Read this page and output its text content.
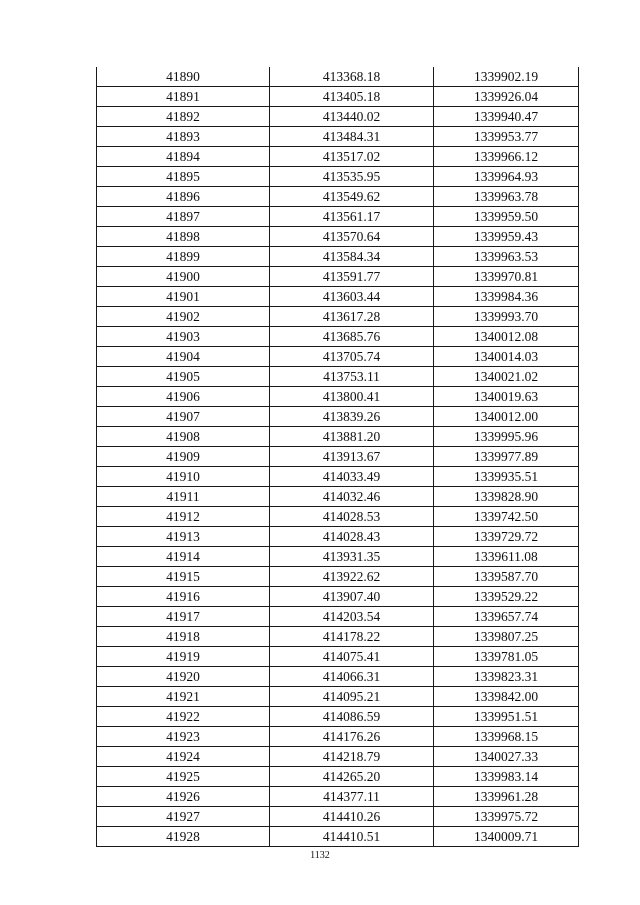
41890	413368.18	1339902.19
41891	413405.18	1339926.04
41892	413440.02	1339940.47
41893	413484.31	1339953.77
41894	413517.02	1339966.12
41895	413535.95	1339964.93
41896	413549.62	1339963.78
41897	413561.17	1339959.50
41898	413570.64	1339959.43
41899	413584.34	1339963.53
41900	413591.77	1339970.81
41901	413603.44	1339984.36
41902	413617.28	1339993.70
41903	413685.76	1340012.08
41904	413705.74	1340014.03
41905	413753.11	1340021.02
41906	413800.41	1340019.63
41907	413839.26	1340012.00
41908	413881.20	1339995.96
41909	413913.67	1339977.89
41910	414033.49	1339935.51
41911	414032.46	1339828.90
41912	414028.53	1339742.50
41913	414028.43	1339729.72
41914	413931.35	1339611.08
41915	413922.62	1339587.70
41916	413907.40	1339529.22
41917	414203.54	1339657.74
41918	414178.22	1339807.25
41919	414075.41	1339781.05
41920	414066.31	1339823.31
41921	414095.21	1339842.00
41922	414086.59	1339951.51
41923	414176.26	1339968.15
41924	414218.79	1340027.33
41925	414265.20	1339983.14
41926	414377.11	1339961.28
41927	414410.26	1339975.72
41928	414410.51	1340009.71
1132
